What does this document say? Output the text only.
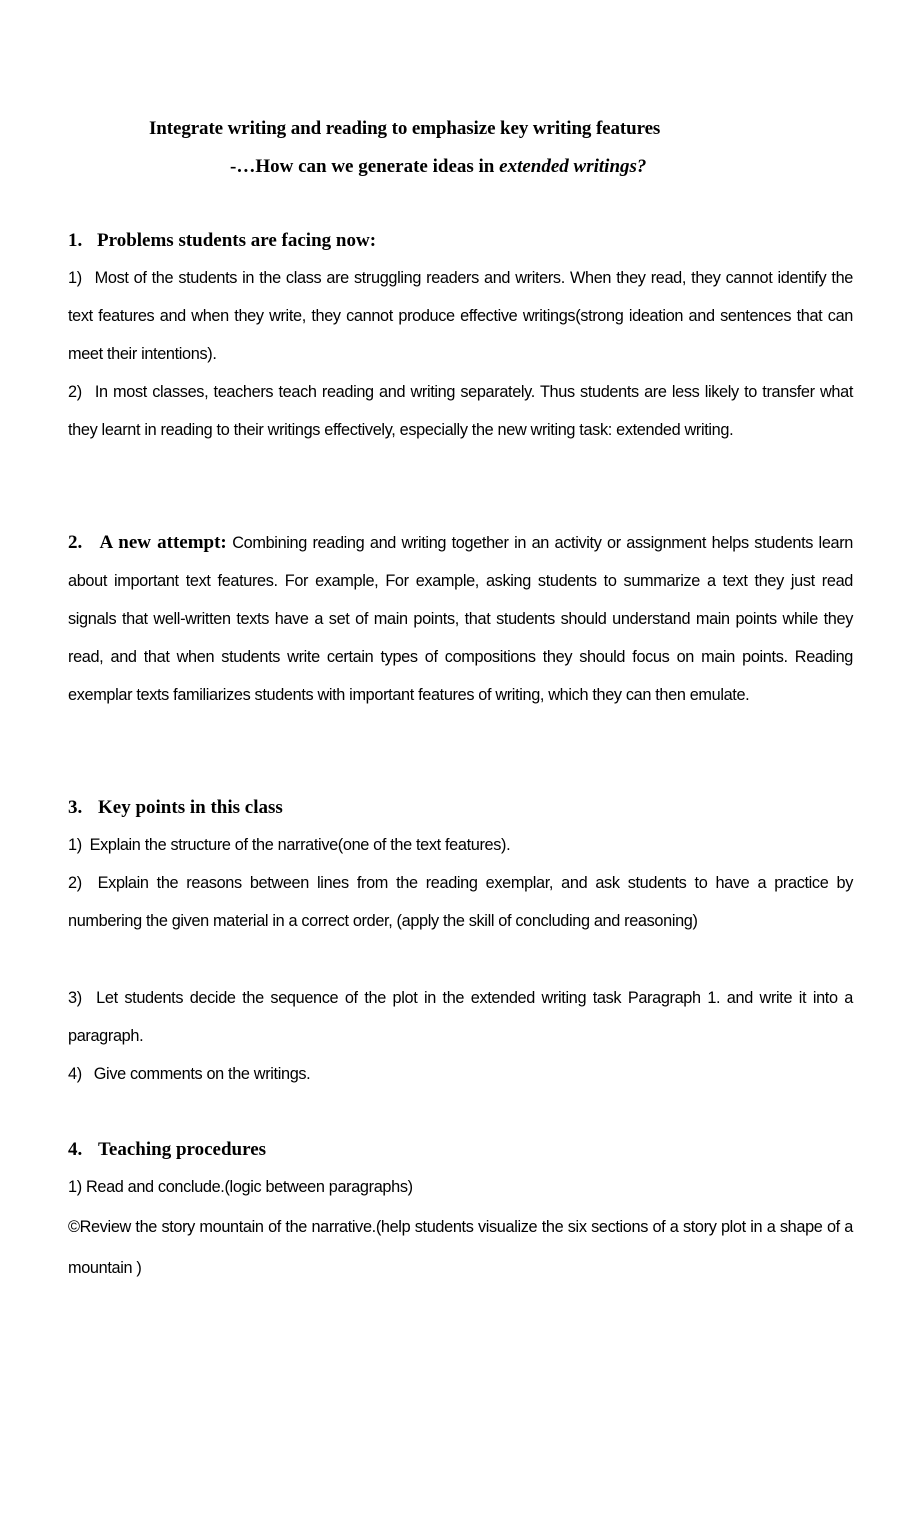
Integrate writing and reading to emphasize key writing features
-…How can we generate ideas in extended writings?
1. Problems students are facing now:

1)  Most of the students in the class are struggling readers and writers. When they read, they cannot identify the text features and when they write, they cannot produce effective writings(strong ideation and sentences that can meet their intentions).

2)  In most classes, teachers teach reading and writing separately. Thus students are less likely to transfer what they learnt in reading to their writings effectively, especially the new writing task: extended writing.

2. A new attempt: Combining reading and writing together in an activity or assignment helps students learn about important text features. For example, For example, asking students to summarize a text they just read signals that well-written texts have a set of main points, that students should understand main points while they read, and that when students write certain types of compositions they should focus on main points. Reading exemplar texts familiarizes students with important features of writing, which they can then emulate.

3. Key points in this class
1) Explain the structure of the narrative(one of the text features).

2)  Explain the reasons between lines from the reading exemplar, and ask students to have a practice by numbering the given material in a correct order, (apply the skill of concluding and reasoning)

3)  Let students decide the sequence of the plot in the extended writing task Paragraph 1. and write it into a paragraph.

4)  Give comments on the writings.
4. Teaching procedures
1) Read and conclude.(logic between paragraphs)

©Review the story mountain of the narrative.(help students visualize the six sections of a story plot in a shape of a mountain )
